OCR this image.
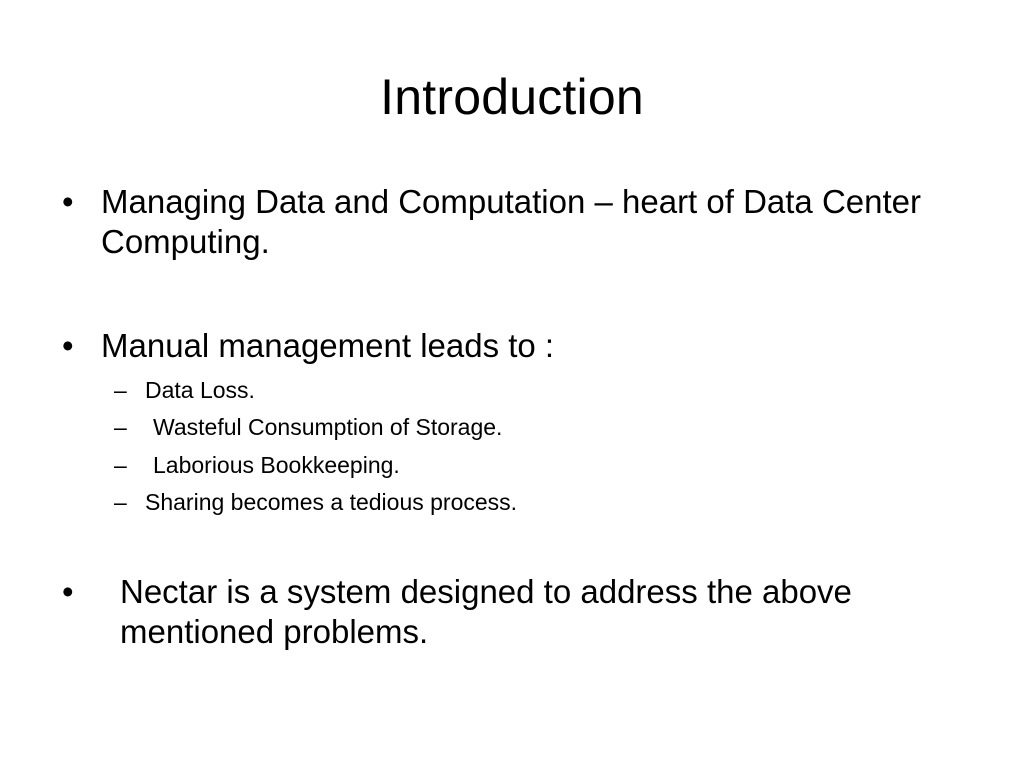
Introduction
• Managing Data and Computation – heart of Data Center Computing.
• Manual management leads to :
– Data Loss.
– Wasteful Consumption of Storage.
– Laborious Bookkeeping.
– Sharing becomes a tedious process.
• Nectar is a system designed to address the above mentioned problems.
